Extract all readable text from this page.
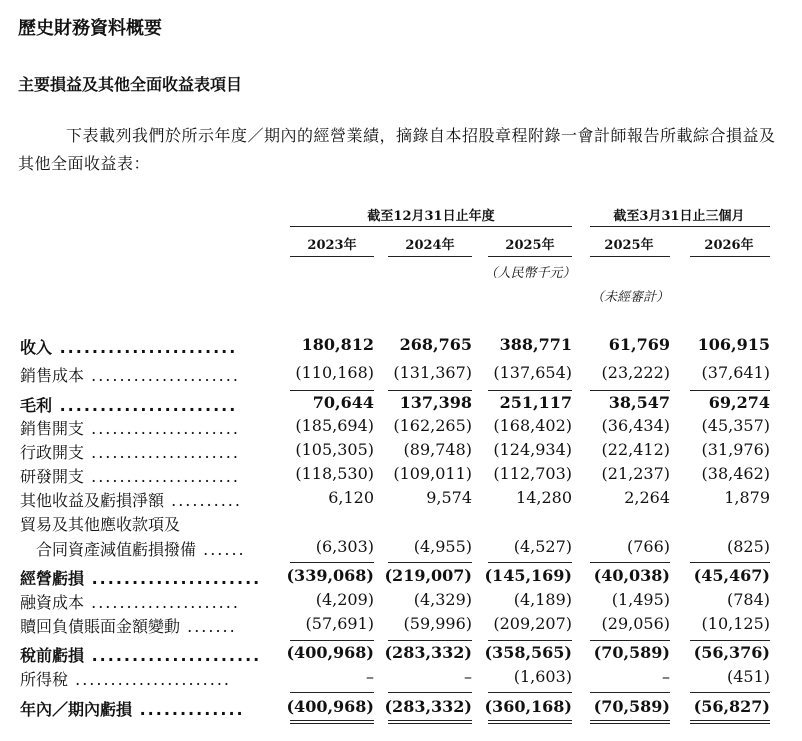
歷史財務資料概要
主要損益及其他全面收益表項目
下表載列我們於所示年度／期內的經營業績，摘錄自本招股章程附錄一會計師報告所載綜合損益及其他全面收益表：
截至12月31日止年度	截至3月31日止三個月
2023年	2024年	2025年	2025年	2026年
（人民幣千元）
（未經審計）
收入 ......................	180,812	268,765	388,771	61,769	106,915
銷售成本 .....................	(110,168)	(131,367)	(137,654)	(23,222)	(37,641)
毛利 ......................	70,644	137,398	251,117	38,547	69,274
銷售開支 .....................	(185,694)	(162,265)	(168,402)	(36,434)	(45,357)
行政開支 .....................	(105,305)	(89,748)	(124,934)	(22,412)	(31,976)
研發開支 .....................	(118,530)	(109,011)	(112,703)	(21,237)	(38,462)
其他收益及虧損淨額 ..........	6,120	9,574	14,280	2,264	1,879
貿易及其他應收款項及
合同資產減值虧損撥備 ......	(6,303)	(4,955)	(4,527)	(766)	(825)
經營虧損 ..................... (339,068) (219,007) (145,169)	(40,038)	(45,467)
融資成本 .....................	(4,209)	(4,329)	(4,189)	(1,495)	(784)
贖回負債賬面金額變動 .......	(57,691)	(59,996)	(209,207)	(29,056)	(10,125)
稅前虧損 ..................... (400,968) (283,332) (358,565)	(70,589)	(56,376)
所得稅 ......................	–	–	(1,603)	–	(451)
年內／期內虧損 .............	(400,968) (283,332) (360,168)	(70,589)	(56,827)
